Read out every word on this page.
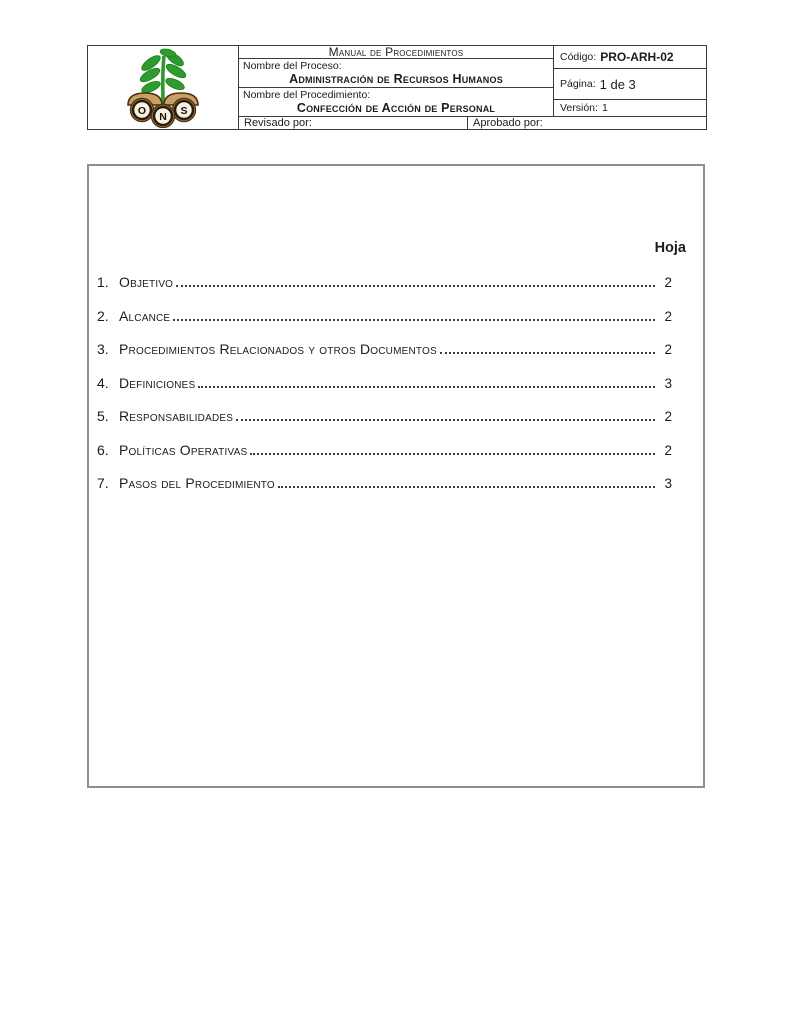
O N S
Manual de Procedimientos
Nombre del Proceso:
Administración de Recursos Humanos
Nombre del Procedimiento:
Confección de Acción de Personal
Código: PRO-ARH-02
Página: 1 de 3
Versión: 1
Revisado por:	Aprobado por:
Hoja
1. Objetivo	2
2. Alcance	2
3. Procedimientos Relacionados y otros Documentos	2
4. Definiciones	3
5. Responsabilidades	2
6. Políticas Operativas	2
7. Pasos del Procedimiento	3
